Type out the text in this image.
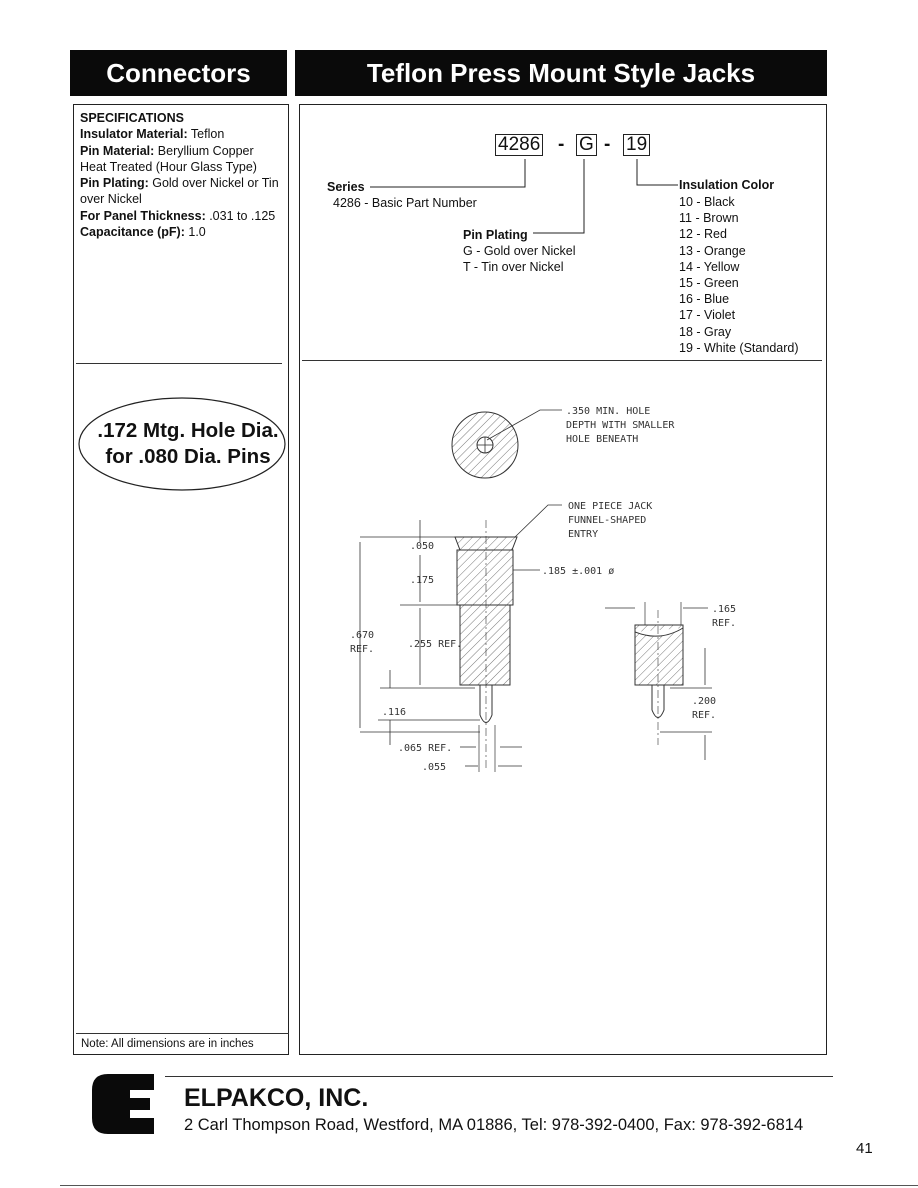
Connectors	Teflon Press Mount Style Jacks

SPECIFICATIONS

Insulator Material: Teflon

Pin Material: Beryllium Copper Heat Treated (Hour Glass Type)

Pin Plating: Gold over Nickel or Tin over Nickel

For Panel Thickness: .031 to .125

Capacitance (pF): 1.0

.172 Mtg. Hole Dia.
for .080 Dia. Pins
Note: All dimensions are in inches
4286 - G - 19
Series
4286 - Basic Part Number
Pin Plating
G - Gold over Nickel
T - Tin over Nickel
Insulation Color
10 - Black
11 - Brown
12 - Red
13 - Orange
14 - Yellow
15 - Green
16 - Blue
17 - Violet
18 - Gray
19 - White (Standard)
.350 MIN. HOLE
DEPTH WITH SMALLER
HOLE BENEATH
ONE PIECE JACK
FUNNEL-SHAPED
ENTRY
.050
.175
.185 ±.001 ø
.670
REF.	.255 REF.
.116
.065 REF.
.055
.165
REF.
.200
REF.
ELPAKCO, INC.
2 Carl Thompson Road, Westford, MA 01886, Tel: 978-392-0400, Fax: 978-392-6814
41
